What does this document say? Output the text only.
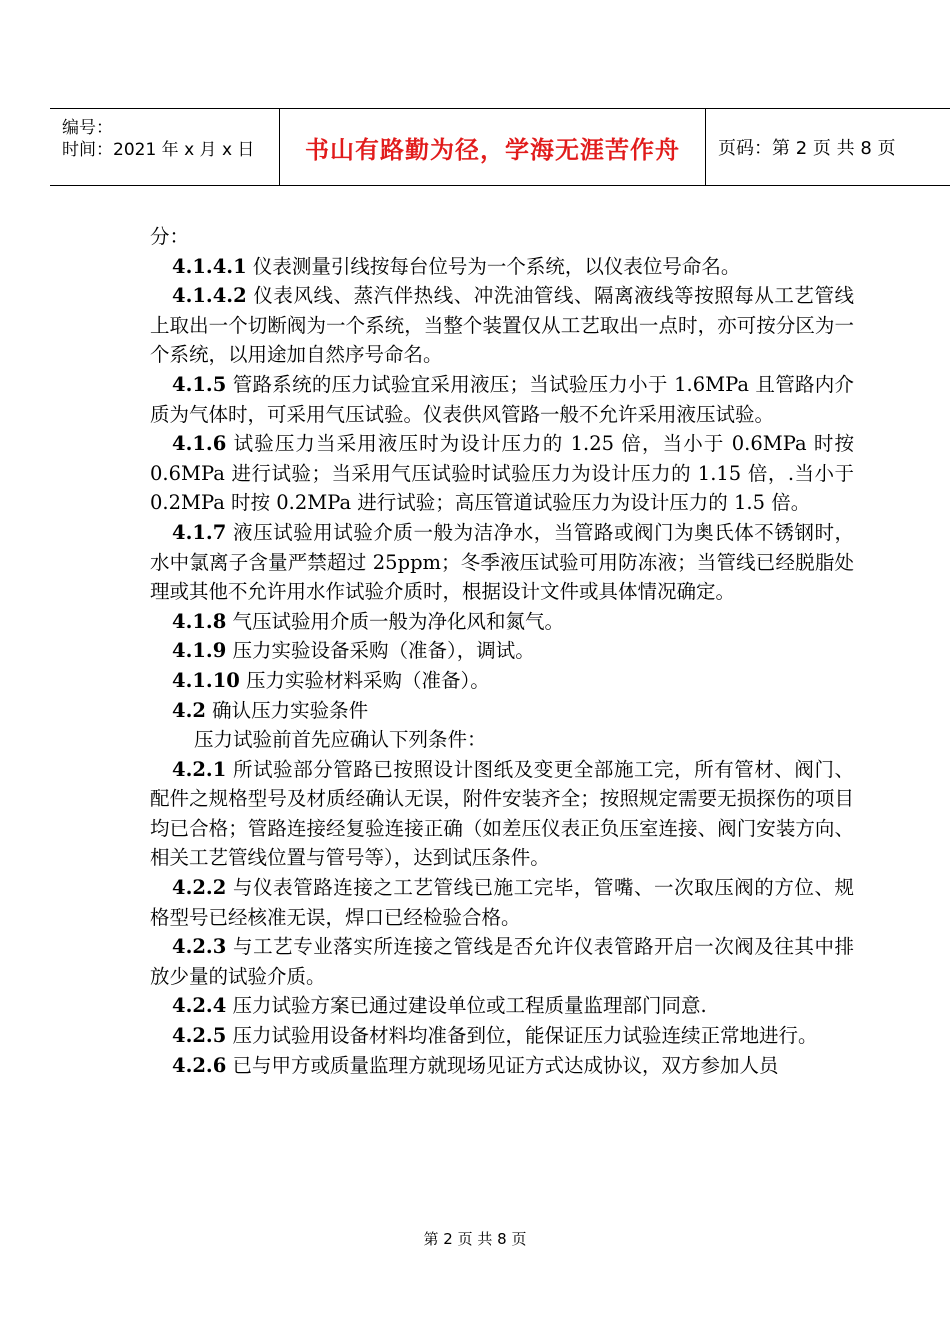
编号：
时间：2021 年 x 月 x 日	书山有路勤为径，学海无涯苦作舟	页码：第 2 页 共 8 页

分：

4.1.4.1 仪表测量引线按每台位号为一个系统，以仪表位号命名。

4.1.4.2 仪表风线、蒸汽伴热线、冲洗油管线、隔离液线等按照每从工艺管线上取出一个切断阀为一个系统，当整个装置仅从工艺取出一点时，亦可按分区为一个系统，以用途加自然序号命名。

4.1.5 管路系统的压力试验宜采用液压；当试验压力小于 1.6MPa 且管路内介质为气体时，可采用气压试验。仪表供风管路一般不允许采用液压试验。

4.1.6 试验压力当采用液压时为设计压力的 1.25 倍，当小于 0.6MPa 时按 0.6MPa 进行试验；当采用气压试验时试验压力为设计压力的 1.15 倍，.当小于 0.2MPa 时按 0.2MPa 进行试验；高压管道试验压力为设计压力的 1.5 倍。

4.1.7 液压试验用试验介质一般为洁净水，当管路或阀门为奥氏体不锈钢时，水中氯离子含量严禁超过 25ppm；冬季液压试验可用防冻液；当管线已经脱脂处理或其他不允许用水作试验介质时，根据设计文件或具体情况确定。

4.1.8 气压试验用介质一般为净化风和氮气。

4.1.9 压力实验设备采购（准备），调试。

4.1.10 压力实验材料采购（准备）。

4.2 确认压力实验条件

压力试验前首先应确认下列条件：

4.2.1 所试验部分管路已按照设计图纸及变更全部施工完，所有管材、阀门、配件之规格型号及材质经确认无误，附件安装齐全；按照规定需要无损探伤的项目均已合格；管路连接经复验连接正确（如差压仪表正负压室连接、阀门安装方向、相关工艺管线位置与管号等），达到试压条件。

4.2.2 与仪表管路连接之工艺管线已施工完毕，管嘴、一次取压阀的方位、规格型号已经核准无误，焊口已经检验合格。

4.2.3 与工艺专业落实所连接之管线是否允许仪表管路开启一次阀及往其中排放少量的试验介质。

4.2.4 压力试验方案已通过建设单位或工程质量监理部门同意.

4.2.5 压力试验用设备材料均准备到位，能保证压力试验连续正常地进行。

4.2.6 已与甲方或质量监理方就现场见证方式达成协议，双方参加人员

第 2 页 共 8 页
